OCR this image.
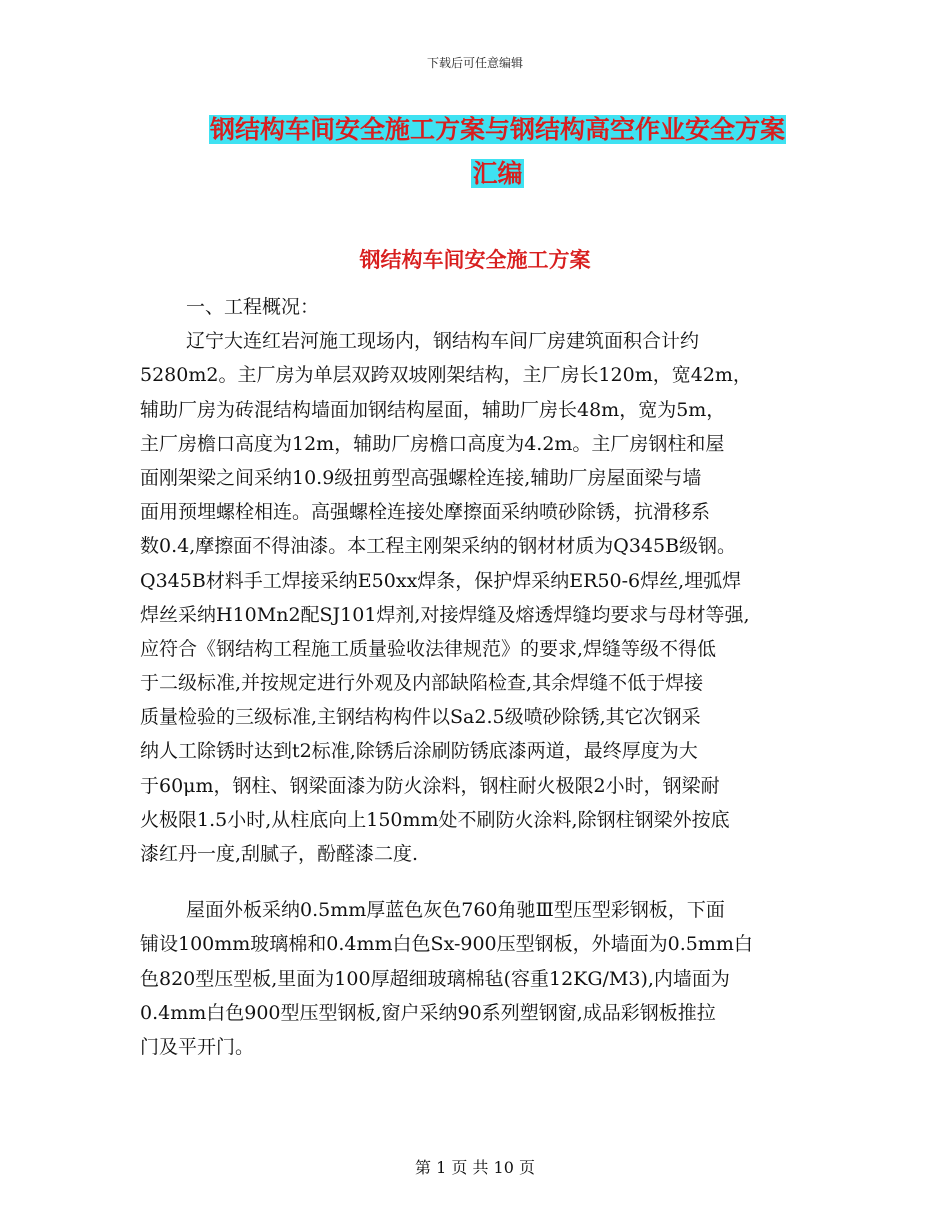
下载后可任意编辑
钢结构车间安全施工方案与钢结构高空作业安全方案
汇编
钢结构车间安全施工方案
一、工程概况：
辽宁大连红岩河施工现场内，钢结构车间厂房建筑面积合计约
5280m2。主厂房为单层双跨双坡刚架结构，主厂房长120m，宽42m，
辅助厂房为砖混结构墙面加钢结构屋面，辅助厂房长48m，宽为5m，
主厂房檐口高度为12m，辅助厂房檐口高度为4.2m。主厂房钢柱和屋
面刚架梁之间采纳10.9级扭剪型高强螺栓连接,辅助厂房屋面梁与墙
面用预埋螺栓相连。高强螺栓连接处摩擦面采纳喷砂除锈，抗滑移系
数0.4,摩擦面不得油漆。本工程主刚架采纳的钢材材质为Q345B级钢。
Q345B材料手工焊接采纳E50xx焊条，保护焊采纳ER50-6焊丝,埋弧焊
焊丝采纳H10Mn2配SJ101焊剂,对接焊缝及熔透焊缝均要求与母材等强,
应符合《钢结构工程施工质量验收法律规范》的要求,焊缝等级不得低
于二级标准,并按规定进行外观及内部缺陷检查,其余焊缝不低于焊接
质量检验的三级标准,主钢结构构件以Sa2.5级喷砂除锈,其它次钢采
纳人工除锈时达到t2标准,除锈后涂刷防锈底漆两道，最终厚度为大
于60μm，钢柱、钢梁面漆为防火涂料，钢柱耐火极限2小时，钢梁耐
火极限1.5小时,从柱底向上150mm处不刷防火涂料,除钢柱钢梁外按底
漆红丹一度,刮腻子，酚醛漆二度.
屋面外板采纳0.5mm厚蓝色灰色760角驰Ⅲ型压型彩钢板，下面
铺设100mm玻璃棉和0.4mm白色Sx-900压型钢板，外墙面为0.5mm白
色820型压型板,里面为100厚超细玻璃棉毡(容重12KG/M3),内墙面为
0.4mm白色900型压型钢板,窗户采纳90系列塑钢窗,成品彩钢板推拉
门及平开门。
第 1 页 共 10 页
